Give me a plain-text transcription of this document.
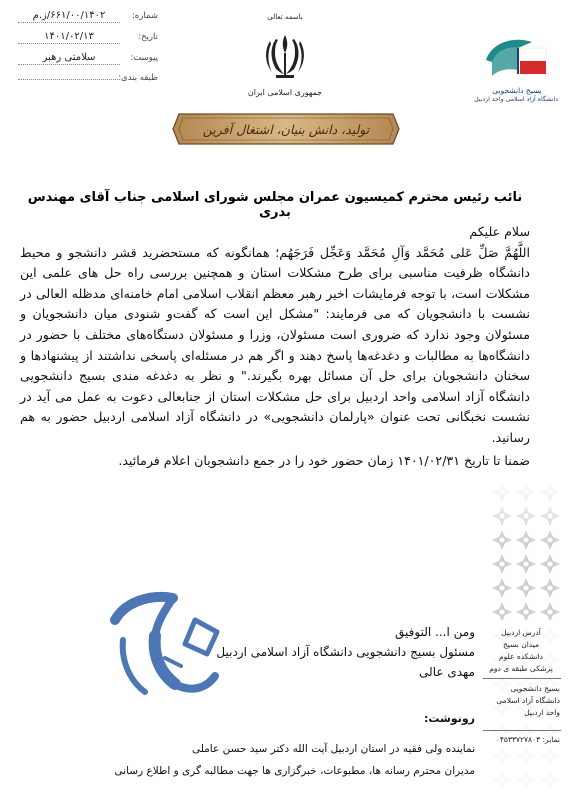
شماره:
۶۶۱/۰۰/۱۴۰۲/ز.م
تاریخ:
۱۴۰۱/۰۲/۱۳
پیوست:
سلامتی رهبر
طبقه بندی:
باسمه تعالی
جمهوری اسلامی ایران
تولید، دانش بنیان، اشتغال آفرین
بسیج دانشجویی
دانشگاه آزاد اسلامی واحد اردبیل
نائب رئیس محترم کمیسیون عمران مجلس شورای اسلامی جناب آقای مهندس بدری
آدرس اردبیل
میدان بسیج
دانشکده علوم
پزشکی طبقه ی دوم
بسیج دانشجویی
دانشگاه آزاد اسلامی
واحد اردبیل
نمابر: ۰۴۵۳۳۷۲۷۸۰۳

سلام علیکم

اللَّهُمَّ صَلِّ عَلی مُحَمَّد وَآلِ مُحَمَّد وَعَجِّل فَرَجَهُم؛ همانگونه که مستحضرید قشر دانشجو و محیط دانشگاه ظرفیت مناسبی برای طرح مشکلات استان و همچنین بررسی راه حل های علمی این مشکلات است، با توجه فرمایشات اخیر رهبر معظم انقلاب اسلامی امام خامنه‌ای مدظله العالی در نشست با دانشجویان که می فرمایند: "مشکل این است که گفت‌و شنودی میان دانشجویان و مسئولان وجود ندارد که ضروری است مسئولان، وزرا و مسئولان دستگاه‌های مختلف با حضور در دانشگاه‌ها به مطالبات و دغدغه‌ها پاسخ دهند و اگر هم در مسئله‌ای پاسخی نداشتند از پیشنهادها و سخنان دانشجویان برای حل آن مسائل بهره بگیرند." و نظر به دغدغه مندی بسیج دانشجویی دانشگاه آزاد اسلامی واحد اردبیل برای حل مشکلات استان از جنابعالی دعوت به عمل می آید در نشست نخبگانی تحت عنوان «پارلمان دانشجویی» در دانشگاه آزاد اسلامی اردبیل حضور به هم رسانید.

ضمنا تا تاریخ ۱۴۰۱/۰۲/۳۱ زمان حضور خود را در جمع دانشجویان اعلام فرمائید.

ومن ا... التوفیق
مسئول بسیج دانشجویی دانشگاه آزاد اسلامی اردبیل
مهدی عالی
رونوشت:
نماینده ولی فقیه در استان اردبیل آیت الله دکتر سید حسن عاملی
مدیران محترم رسانه ها، مطبوعات، خبرگزاری ها جهت مطالبه گری و اطلاع رسانی
